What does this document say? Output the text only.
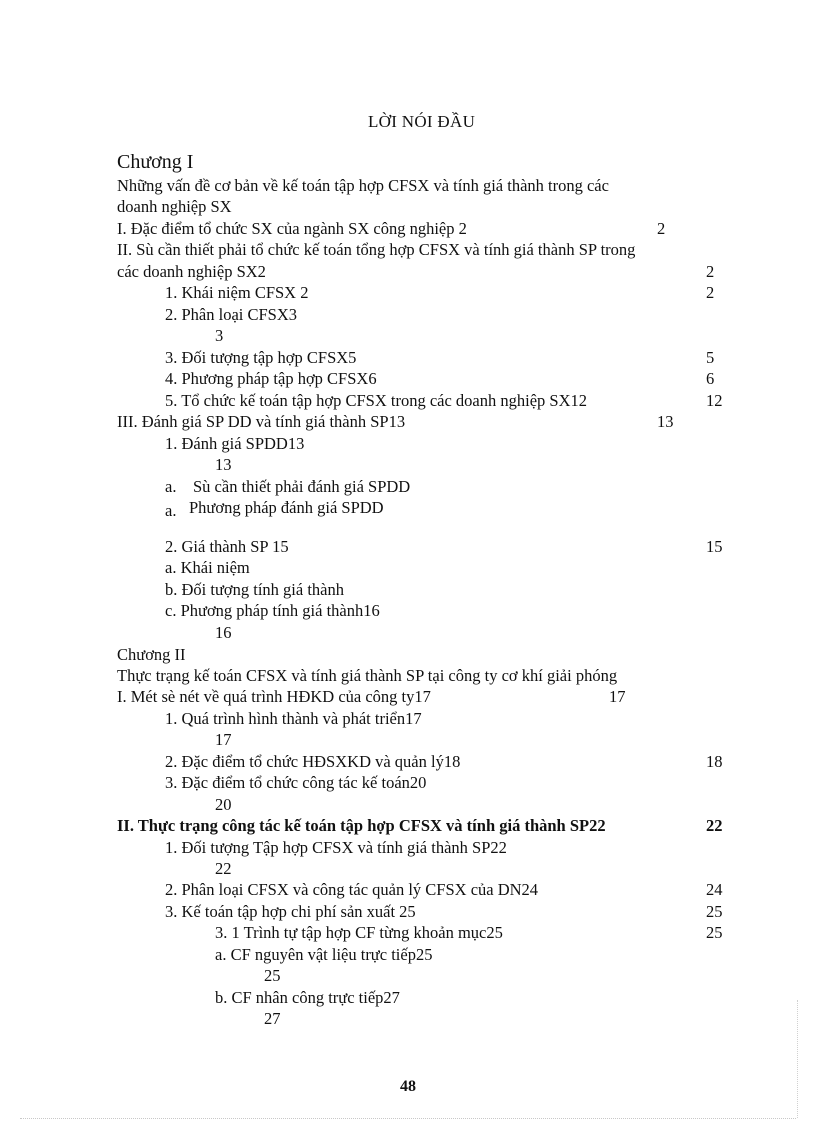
LỜI NÓI ĐẦU
Chương I
Những vấn đề cơ bản về kế toán tập hợp CFSX và tính giá thành trong các
doanh nghiệp SX
I. Đặc điểm tổ chức SX của ngành SX công nghiệp 2	2
II. Sù cần thiết phải tổ chức kế toán tổng hợp CFSX và tính giá thành SP trong
các doanh nghiệp SX2	2
1. Khái niệm CFSX 2	2
2. Phân loại CFSX3
3
3. Đối tượng tập hợp CFSX5	5
4. Phương pháp tập hợp CFSX6	6
5. Tổ chức kế toán tập hợp CFSX trong các doanh nghiệp SX12	12
III. Đánh giá SP DD và tính giá thành SP13	13
1. Đánh giá SPDD13
13
a. Sù cần thiết phải đánh giá SPDD
a. Phương pháp đánh giá SPDD
2. Giá thành SP 15	15
a. Khái niệm
b. Đối tượng tính giá thành
c. Phương pháp tính giá thành16
16
Chương II
Thực trạng kế toán CFSX và tính giá thành SP tại công ty cơ khí giải phóng
I. Mét sè nét về quá trình HĐKD của công ty17	17
1. Quá trình hình thành và phát triển17
17
2. Đặc điểm tổ chức HĐSXKD và quản lý18	18
3. Đặc điểm tổ chức công tác kế toán20
20
II. Thực trạng công tác kế toán tập hợp CFSX và tính giá thành SP22	22
1. Đối tượng Tập hợp CFSX và tính giá thành SP22
22
2. Phân loại CFSX và công tác quản lý CFSX của DN24	24
3. Kế toán tập hợp chi phí sản xuất 25	25
3. 1 Trình tự tập hợp CF từng khoản mục25	25
a. CF nguyên vật liệu trực tiếp25
25
b. CF nhân công trực tiếp27
27
48
